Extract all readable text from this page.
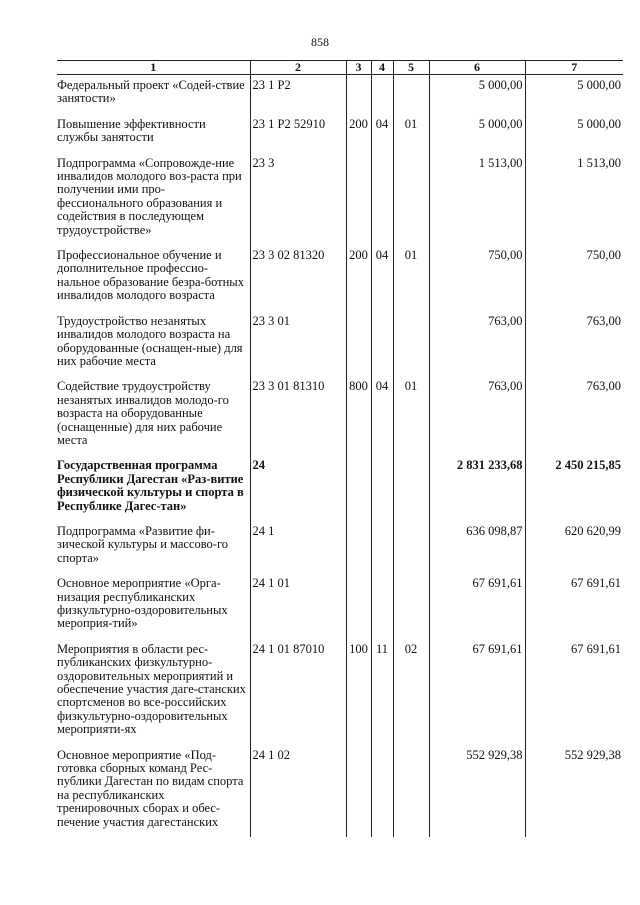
858
1	2	3	4	5	6	7
Федеральный проект «Содей-ствие занятости»	23 1 P2				5 000,00	5 000,00
Повышение эффективности службы занятости	23 1 P2 52910	200	04	01	5 000,00	5 000,00
Подпрограмма «Сопровожде-ние инвалидов молодого воз-раста при получении ими про-фессионального образования и содействия в последующем трудоустройстве»	23 3				1 513,00	1 513,00
Профессиональное обучение и дополнительное профессио-нальное образование безра-ботных инвалидов молодого возраста	23 3 02 81320	200	04	01	750,00	750,00
Трудоустройство незанятых инвалидов молодого возраста на оборудованные (оснащен-ные) для них рабочие места	23 3 01				763,00	763,00
Содействие трудоустройству незанятых инвалидов молодо-го возраста на оборудованные (оснащенные) для них рабочие места	23 3 01 81310	800	04	01	763,00	763,00
Государственная программа Республики Дагестан «Раз-витие физической культуры и спорта в Республике Дагес-тан»	24				2 831 233,68	2 450 215,85
Подпрограмма «Развитие фи-зической культуры и массово-го спорта»	24 1				636 098,87	620 620,99
Основное мероприятие «Орга-низация республиканских физкультурно-оздоровительных мероприя-тий»	24 1 01				67 691,61	67 691,61
Мероприятия в области рес-публиканских физкультурно-оздоровительных мероприятий и обеспечение участия даге-станских спортсменов во все-российских физкультурно-оздоровительных мероприяти-ях	24 1 01 87010	100	11	02	67 691,61	67 691,61
Основное мероприятие «Под-готовка сборных команд Рес-публики Дагестан по видам спорта на республиканских тренировочных сборах и обес-печение участия дагестанских	24 1 02				552 929,38	552 929,38
